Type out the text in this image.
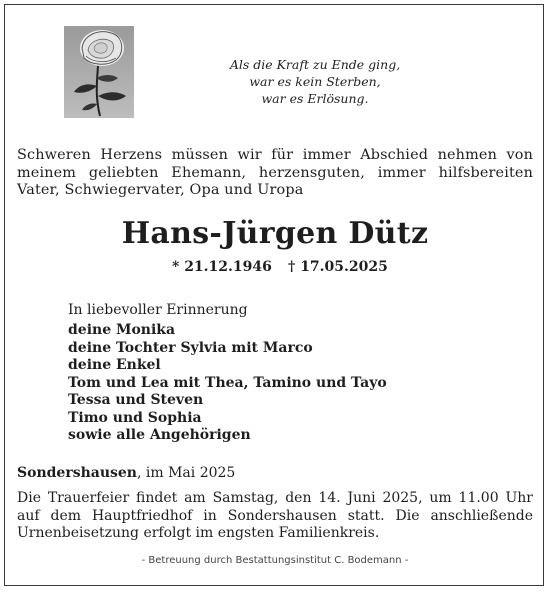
Als die Kraft zu Ende ging,
war es kein Sterben,
war es Erlösung.
Schweren Herzens müssen wir für immer Abschied nehmen von meinem geliebten Ehemann, herzensguten, immer hilfsbereiten Vater, Schwiegervater, Opa und Uropa
Hans-Jürgen Dütz
* 21.12.1946 † 17.05.2025
In liebevoller Erinnerung
deine Monika
deine Tochter Sylvia mit Marco
deine Enkel
Tom und Lea mit Thea, Tamino und Tayo
Tessa und Steven
Timo und Sophia
sowie alle Angehörigen
Sondershausen, im Mai 2025
Die Trauerfeier findet am Samstag, den 14. Juni 2025, um 11.00 Uhr auf dem Hauptfriedhof in Sondershausen statt. Die anschließende Urnenbeisetzung erfolgt im engsten Familienkreis.
- Betreuung durch Bestattungsinstitut C. Bodemann -
